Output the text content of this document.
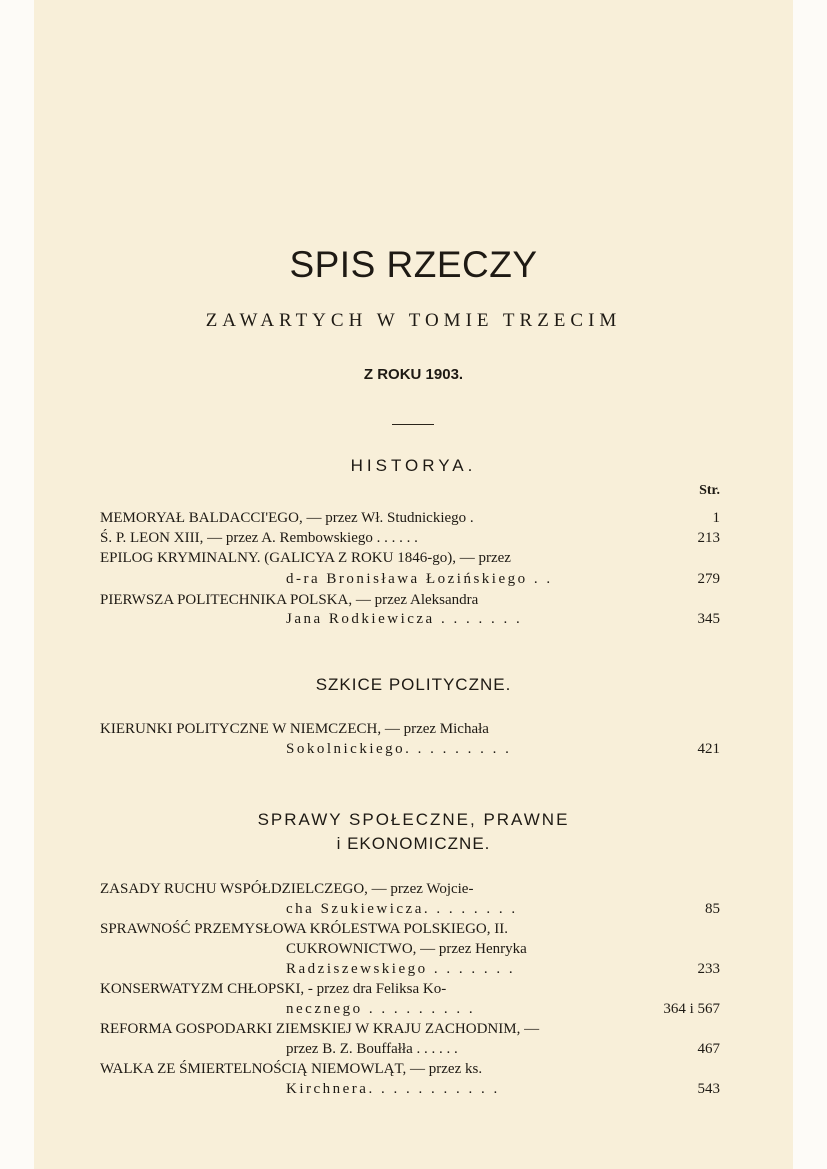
SPIS RZECZY
ZAWARTYCH W TOMIE TRZECIM
Z ROKU 1903.
HISTORYA.
Str.
MEMORYAŁ BALDACCI'EGO, — przez Wł. Studnickiego .	1
Ś. P. LEON XIII, — przez A. Rembowskiego . . . . . .	213
EPILOG KRYMINALNY. (GALICYA Z ROKU 1846-go), — przez
d-ra Bronisława Łozińskiego . .	279
PIERWSZA POLITECHNIKA POLSKA, — przez Aleksandra
Jana Rodkiewicza . . . . . . .	345
SZKICE POLITYCZNE.
KIERUNKI POLITYCZNE W NIEMCZECH, — przez Michała
Sokolnickiego. . . . . . . . .	421
SPRAWY SPOŁECZNE, PRAWNE
i EKONOMICZNE.
ZASADY RUCHU WSPÓŁDZIELCZEGO, — przez Wojcie-
cha Szukiewicza. . . . . . . .	85
SPRAWNOŚĆ PRZEMYSŁOWA KRÓLESTWA POLSKIEGO, II.
CUKROWNICTWO, — przez Henryka
Radziszewskiego . . . . . . .	233
KONSERWATYZM CHŁOPSKI, - przez dra Feliksa Ko-
necznego . . . . . . . . .	364 i 567
REFORMA GOSPODARKI ZIEMSKIEJ W KRAJU ZACHODNIM, —
przez B. Z. Bouffałła . . . . . .	467
WALKA ZE ŚMIERTELNOŚCIĄ NIEMOWLĄT, — przez ks.
Kirchnera. . . . . . . . . . .	543
